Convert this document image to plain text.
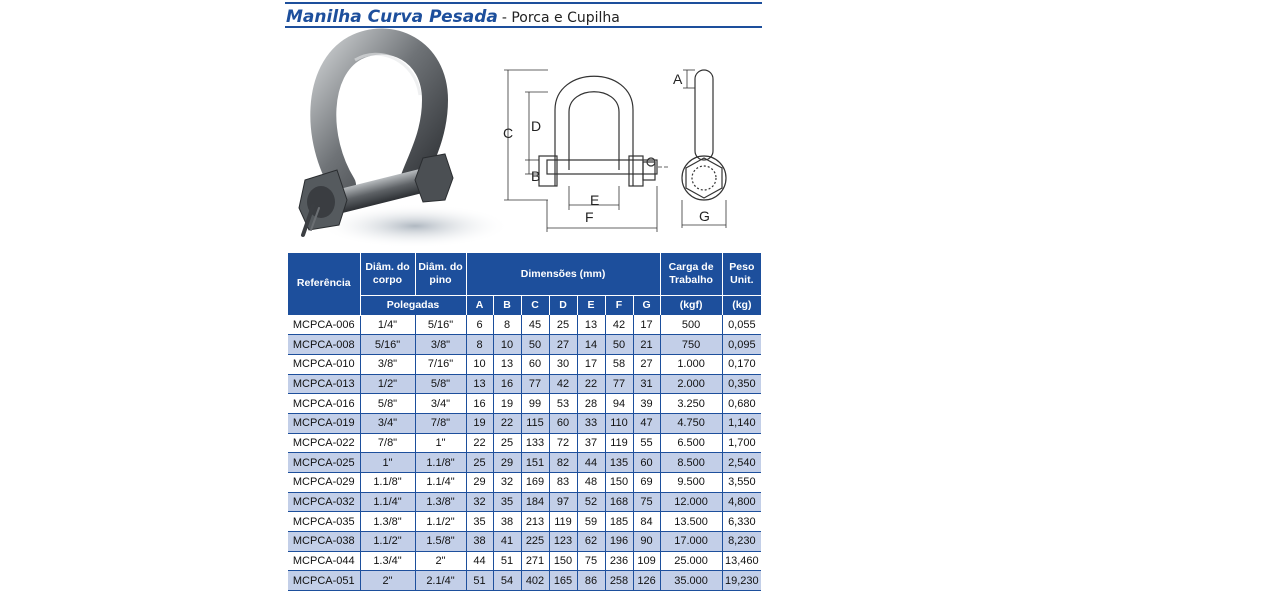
Manilha Curva Pesada - Porca e Cupilha
C D
B
E
F
A
G
Referência	Diâm. do corpo	Diâm. do pino	Dimensões (mm)							Carga de Trabalho	Peso Unit.
	Polegadas		A	B	C	D	E	F	G	(kgf)	(kg)
MCPCA-006	1/4"	5/16"	6	8	45	25	13	42	17	500	0,055
MCPCA-008	5/16"	3/8"	8	10	50	27	14	50	21	750	0,095
MCPCA-010	3/8"	7/16"	10	13	60	30	17	58	27	1.000	0,170
MCPCA-013	1/2"	5/8"	13	16	77	42	22	77	31	2.000	0,350
MCPCA-016	5/8"	3/4"	16	19	99	53	28	94	39	3.250	0,680
MCPCA-019	3/4"	7/8"	19	22	115	60	33	110	47	4.750	1,140
MCPCA-022	7/8"	1"	22	25	133	72	37	119	55	6.500	1,700
MCPCA-025	1"	1.1/8"	25	29	151	82	44	135	60	8.500	2,540
MCPCA-029	1.1/8"	1.1/4"	29	32	169	83	48	150	69	9.500	3,550
MCPCA-032	1.1/4"	1.3/8"	32	35	184	97	52	168	75	12.000	4,800
MCPCA-035	1.3/8"	1.1/2"	35	38	213	119	59	185	84	13.500	6,330
MCPCA-038	1.1/2"	1.5/8"	38	41	225	123	62	196	90	17.000	8,230
MCPCA-044	1.3/4"	2"	44	51	271	150	75	236	109	25.000	13,460
MCPCA-051	2"	2.1/4"	51	54	402	165	86	258	126	35.000	19,230
